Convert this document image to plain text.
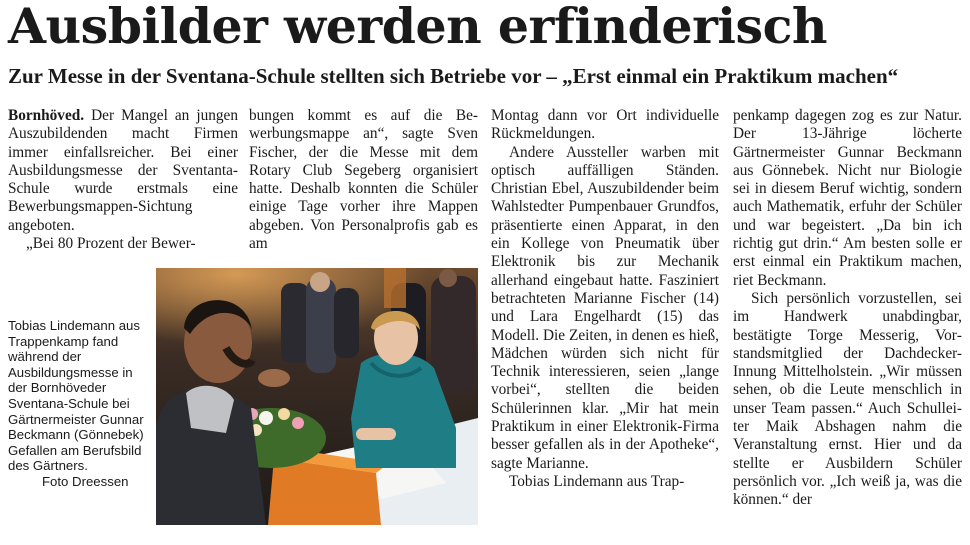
Ausbilder werden erfinderisch
Zur Messe in der Sventana-Schule stellten sich Betriebe vor – „Erst einmal ein Praktikum machen“

Bornhöved. Der Mangel an jungen Auszubildenden macht Firmen immer einfallsreicher. Bei einer Ausbildungsmesse der Sventanta-Schule wurde erstmals eine Bewerbungsmappen-Sichtung angeboten.

„Bei 80 Prozent der Bewer-

bungen kommt es auf die Bewerbungsmappe an“, sagte Sven Fischer, der die Messe mit dem Rotary Club Segeberg organisiert hatte. Deshalb konnten die Schüler einige Tage vorher ihre Mappen abgeben. Von Personalprofis gab es am

Montag dann vor Ort individuelle Rückmeldungen.

Andere Aussteller warben mit optisch auffälligen Ständen. Christian Ebel, Auszubildender beim Wahlstedter Pumpenbauer Grundfos, präsentierte einen Apparat, in den ein Kollege von Pneumatik über Elektronik bis zur Mechanik allerhand eingebaut hatte. Fasziniert betrachteten Marianne Fischer (14) und Lara Engelhardt (15) das Modell. Die Zeiten, in denen es hieß, Mädchen würden sich nicht für Technik interessieren, seien „lange vorbei“, stellten die beiden Schülerinnen klar. „Mir hat mein Praktikum in einer Elektronik-Firma besser gefallen als in der Apotheke“, sagte Marianne.

Tobias Lindemann aus Trap-

penkamp dagegen zog es zur Natur. Der 13-Jährige löcherte Gärtnermeister Gunnar Beckmann aus Gönnebek. Nicht nur Biologie sei in diesem Beruf wichtig, sondern auch Mathematik, erfuhr der Schüler und war begeistert. „Da bin ich richtig gut drin.“ Am besten solle er erst einmal ein Praktikum machen, riet Beckmann.

Sich persönlich vorzustellen, sei im Handwerk unabdingbar, bestätigte Torge Messerig, Vorstandsmitglied der Dachdecker-Innung Mittelholstein. „Wir müssen sehen, ob die Leute menschlich in unser Team passen.“ Auch Schulleiter Maik Abshagen nahm die Veranstaltung ernst. Hier und da stellte er Ausbildern Schüler persönlich vor. „Ich weiß ja, was die können.“ der

Tobias Lindemann aus Trappenkamp fand während der Ausbildungsmesse in der Bornhöveder Sventana-Schule bei Gärtnermeister Gunnar Beckmann (Gönnebek) Gefallen am Berufsbild des Gärtners.
Foto Dreessen
